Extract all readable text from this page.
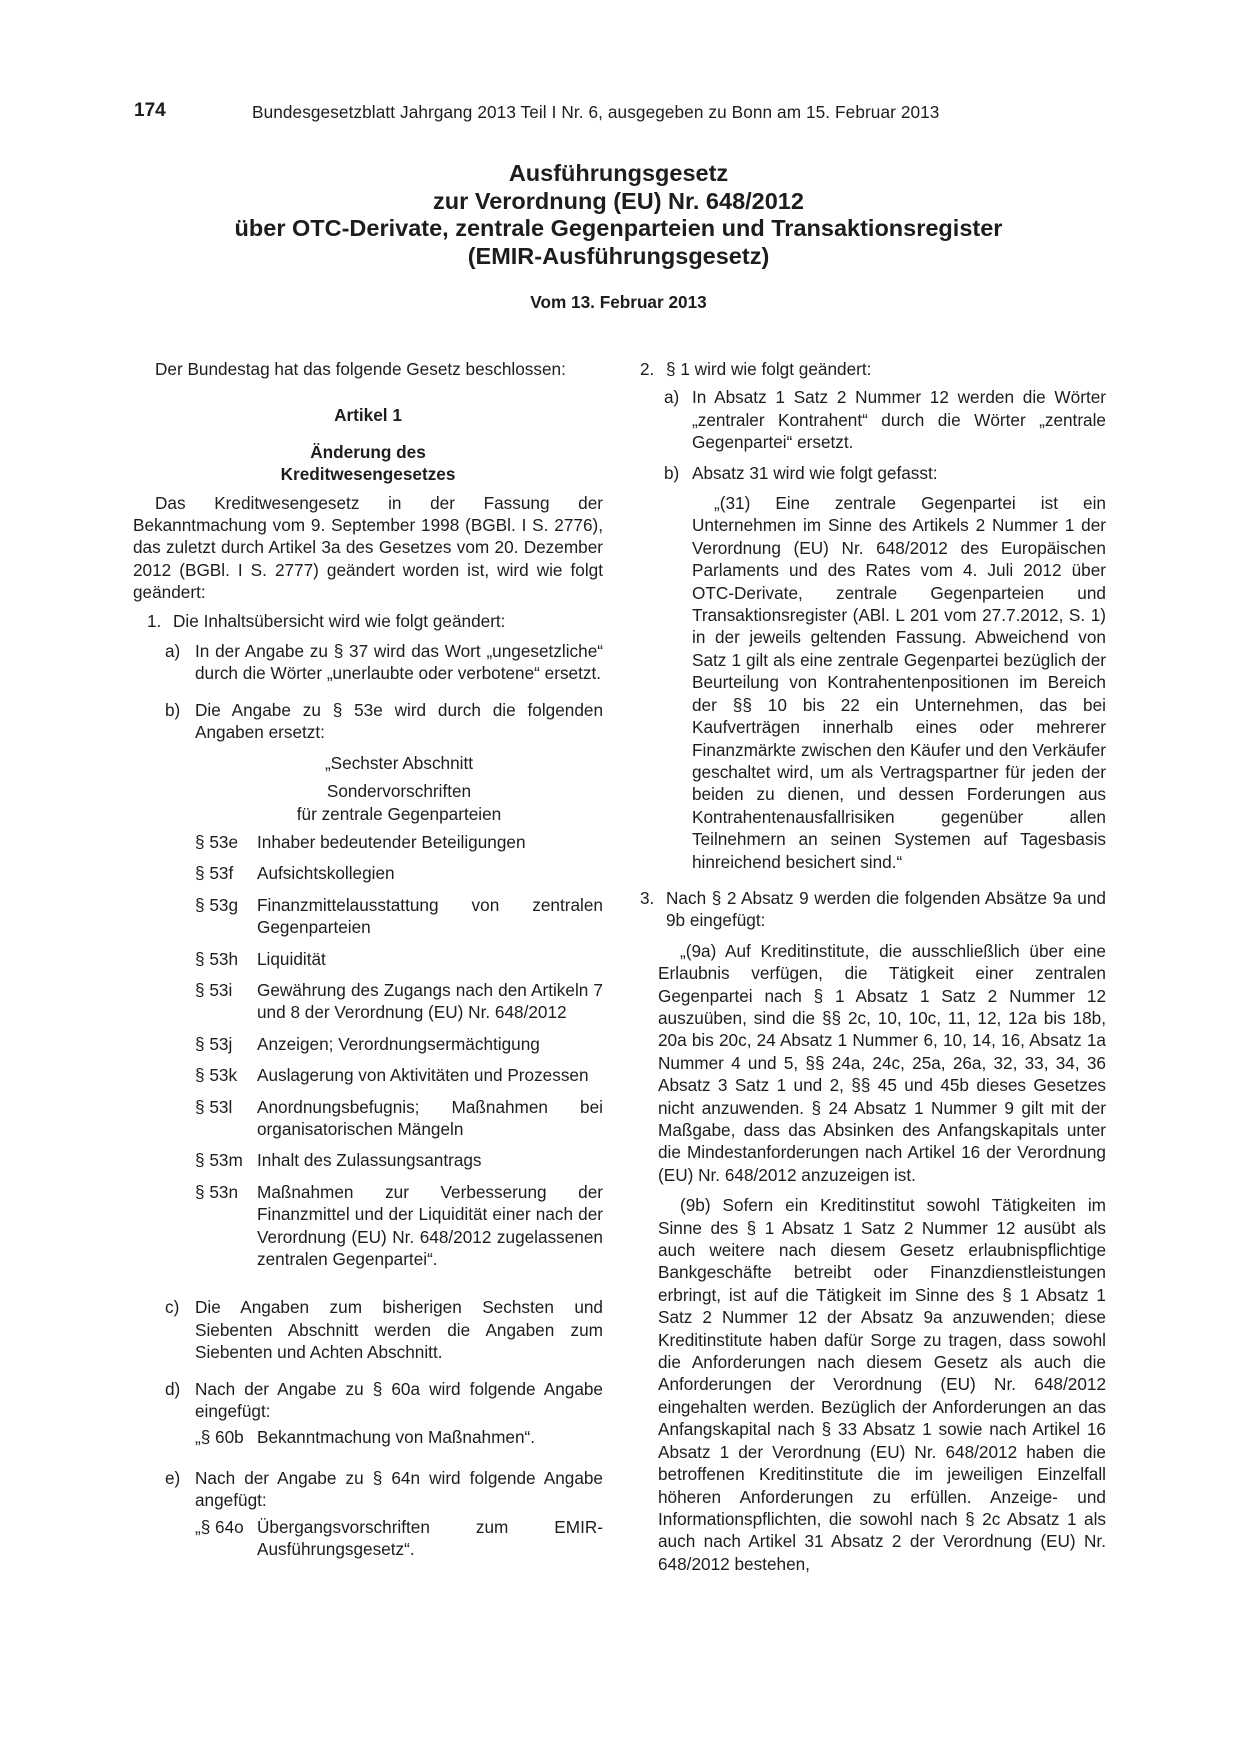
174	Bundesgesetzblatt Jahrgang 2013 Teil I Nr. 6, ausgegeben zu Bonn am 15. Februar 2013
Ausführungsgesetz
zur Verordnung (EU) Nr. 648/2012
über OTC-Derivate, zentrale Gegenparteien und Transaktionsregister
(EMIR-Ausführungsgesetz)
Vom 13. Februar 2013

Der Bundestag hat das folgende Gesetz beschlossen:

Artikel 1

Änderung des

Kreditwesengesetzes

Das Kreditwesengesetz in der Fassung der Bekanntmachung vom 9. September 1998 (BGBl. I S. 2776), das zuletzt durch Artikel 3a des Gesetzes vom 20. Dezember 2012 (BGBl. I S. 2777) geändert worden ist, wird wie folgt geändert:

1. Die Inhaltsübersicht wird wie folgt geändert:
a) In der Angabe zu § 37 wird das Wort „ungesetzliche“ durch die Wörter „unerlaubte oder verbotene“ ersetzt.
b) Die Angabe zu § 53e wird durch die folgenden Angaben ersetzt:
„Sechster Abschnitt
Sondervorschriften
für zentrale Gegenparteien
§ 53e	Inhaber bedeutender Beteiligungen
§ 53f	Aufsichtskollegien
§ 53g	Finanzmittelausstattung von zentralen Gegenparteien
§ 53h	Liquidität
§ 53i	Gewährung des Zugangs nach den Artikeln 7 und 8 der Verordnung (EU) Nr. 648/2012
§ 53j	Anzeigen; Verordnungsermächtigung
§ 53k	Auslagerung von Aktivitäten und Prozessen
§ 53l	Anordnungsbefugnis; Maßnahmen bei organisatorischen Mängeln
§ 53m Inhalt des Zulassungsantrags
§ 53n	Maßnahmen zur Verbesserung der Finanzmittel und der Liquidität einer nach der Verordnung (EU) Nr. 648/2012 zugelassenen zentralen Gegenpartei“.
c) Die Angaben zum bisherigen Sechsten und Siebenten Abschnitt werden die Angaben zum Siebenten und Achten Abschnitt.
d) Nach der Angabe zu § 60a wird folgende Angabe eingefügt:
„§ 60b Bekanntmachung von Maßnahmen“.
e) Nach der Angabe zu § 64n wird folgende Angabe angefügt:
„§ 64o Übergangsvorschriften zum EMIR-Ausführungsgesetz“.
2. § 1 wird wie folgt geändert:
a) In Absatz 1 Satz 2 Nummer 12 werden die Wörter „zentraler Kontrahent“ durch die Wörter „zentrale Gegenpartei“ ersetzt.
b) Absatz 31 wird wie folgt gefasst:

„(31) Eine zentrale Gegenpartei ist ein Unternehmen im Sinne des Artikels 2 Nummer 1 der Verordnung (EU) Nr. 648/2012 des Europäischen Parlaments und des Rates vom 4. Juli 2012 über OTC-Derivate, zentrale Gegenparteien und Transaktionsregister (ABl. L 201 vom 27.7.2012, S. 1) in der jeweils geltenden Fassung. Abweichend von Satz 1 gilt als eine zentrale Gegenpartei bezüglich der Beurteilung von Kontrahentenpositionen im Bereich der §§ 10 bis 22 ein Unternehmen, das bei Kaufverträgen innerhalb eines oder mehrerer Finanzmärkte zwischen den Käufer und den Verkäufer geschaltet wird, um als Vertragspartner für jeden der beiden zu dienen, und dessen Forderungen aus Kontrahentenausfallrisiken gegenüber allen Teilnehmern an seinen Systemen auf Tagesbasis hinreichend besichert sind.“

3. Nach § 2 Absatz 9 werden die folgenden Absätze 9a und 9b eingefügt:

„(9a) Auf Kreditinstitute, die ausschließlich über eine Erlaubnis verfügen, die Tätigkeit einer zentralen Gegenpartei nach § 1 Absatz 1 Satz 2 Nummer 12 auszuüben, sind die §§ 2c, 10, 10c, 11, 12, 12a bis 18b, 20a bis 20c, 24 Absatz 1 Nummer 6, 10, 14, 16, Absatz 1a Nummer 4 und 5, §§ 24a, 24c, 25a, 26a, 32, 33, 34, 36 Absatz 3 Satz 1 und 2, §§ 45 und 45b dieses Gesetzes nicht anzuwenden. § 24 Absatz 1 Nummer 9 gilt mit der Maßgabe, dass das Absinken des Anfangskapitals unter die Mindestanforderungen nach Artikel 16 der Verordnung (EU) Nr. 648/2012 anzuzeigen ist.

(9b) Sofern ein Kreditinstitut sowohl Tätigkeiten im Sinne des § 1 Absatz 1 Satz 2 Nummer 12 ausübt als auch weitere nach diesem Gesetz erlaubnispflichtige Bankgeschäfte betreibt oder Finanzdienstleistungen erbringt, ist auf die Tätigkeit im Sinne des § 1 Absatz 1 Satz 2 Nummer 12 der Absatz 9a anzuwenden; diese Kreditinstitute haben dafür Sorge zu tragen, dass sowohl die Anforderungen nach diesem Gesetz als auch die Anforderungen der Verordnung (EU) Nr. 648/2012 eingehalten werden. Bezüglich der Anforderungen an das Anfangskapital nach § 33 Absatz 1 sowie nach Artikel 16 Absatz 1 der Verordnung (EU) Nr. 648/2012 haben die betroffenen Kreditinstitute die im jeweiligen Einzelfall höheren Anforderungen zu erfüllen. Anzeige- und Informationspflichten, die sowohl nach § 2c Absatz 1 als auch nach Artikel 31 Absatz 2 der Verordnung (EU) Nr. 648/2012 bestehen,
